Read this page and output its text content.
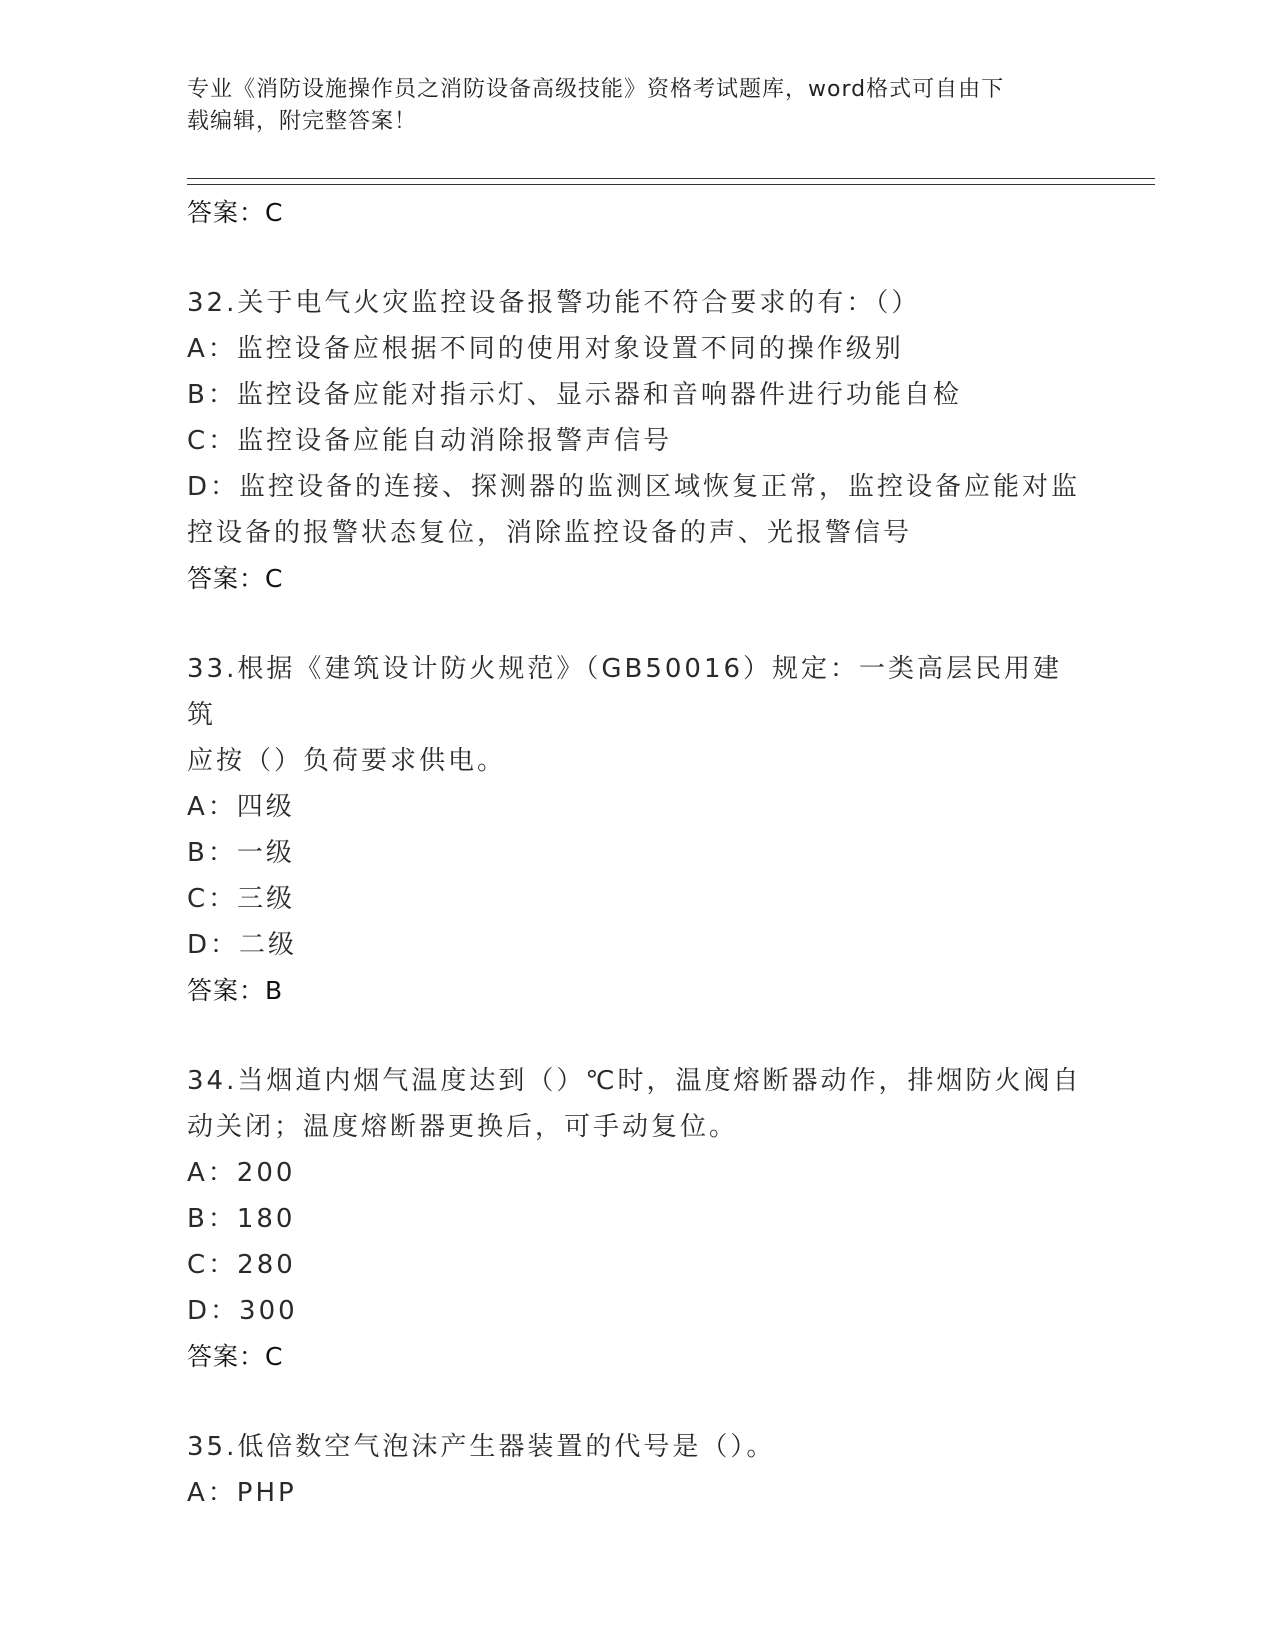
专业《消防设施操作员之消防设备高级技能》资格考试题库，word格式可自由下
载编辑，附完整答案！

答案：C

32.关于电气火灾监控设备报警功能不符合要求的有：（）

A：监控设备应根据不同的使用对象设置不同的操作级别

B：监控设备应能对指示灯、显示器和音响器件进行功能自检

C：监控设备应能自动消除报警声信号

D：监控设备的连接、探测器的监测区域恢复正常，监控设备应能对监

控设备的报警状态复位，消除监控设备的声、光报警信号

答案：C

33.根据《建筑设计防火规范》（GB50016）规定：一类高层民用建筑

应按（）负荷要求供电。

A：四级

B：一级

C：三级

D：二级

答案：B

34.当烟道内烟气温度达到（）℃时，温度熔断器动作，排烟防火阀自

动关闭；温度熔断器更换后，可手动复位。

A：200

B：180

C：280

D：300

答案：C

35.低倍数空气泡沫产生器装置的代号是（）。

A：PHP
